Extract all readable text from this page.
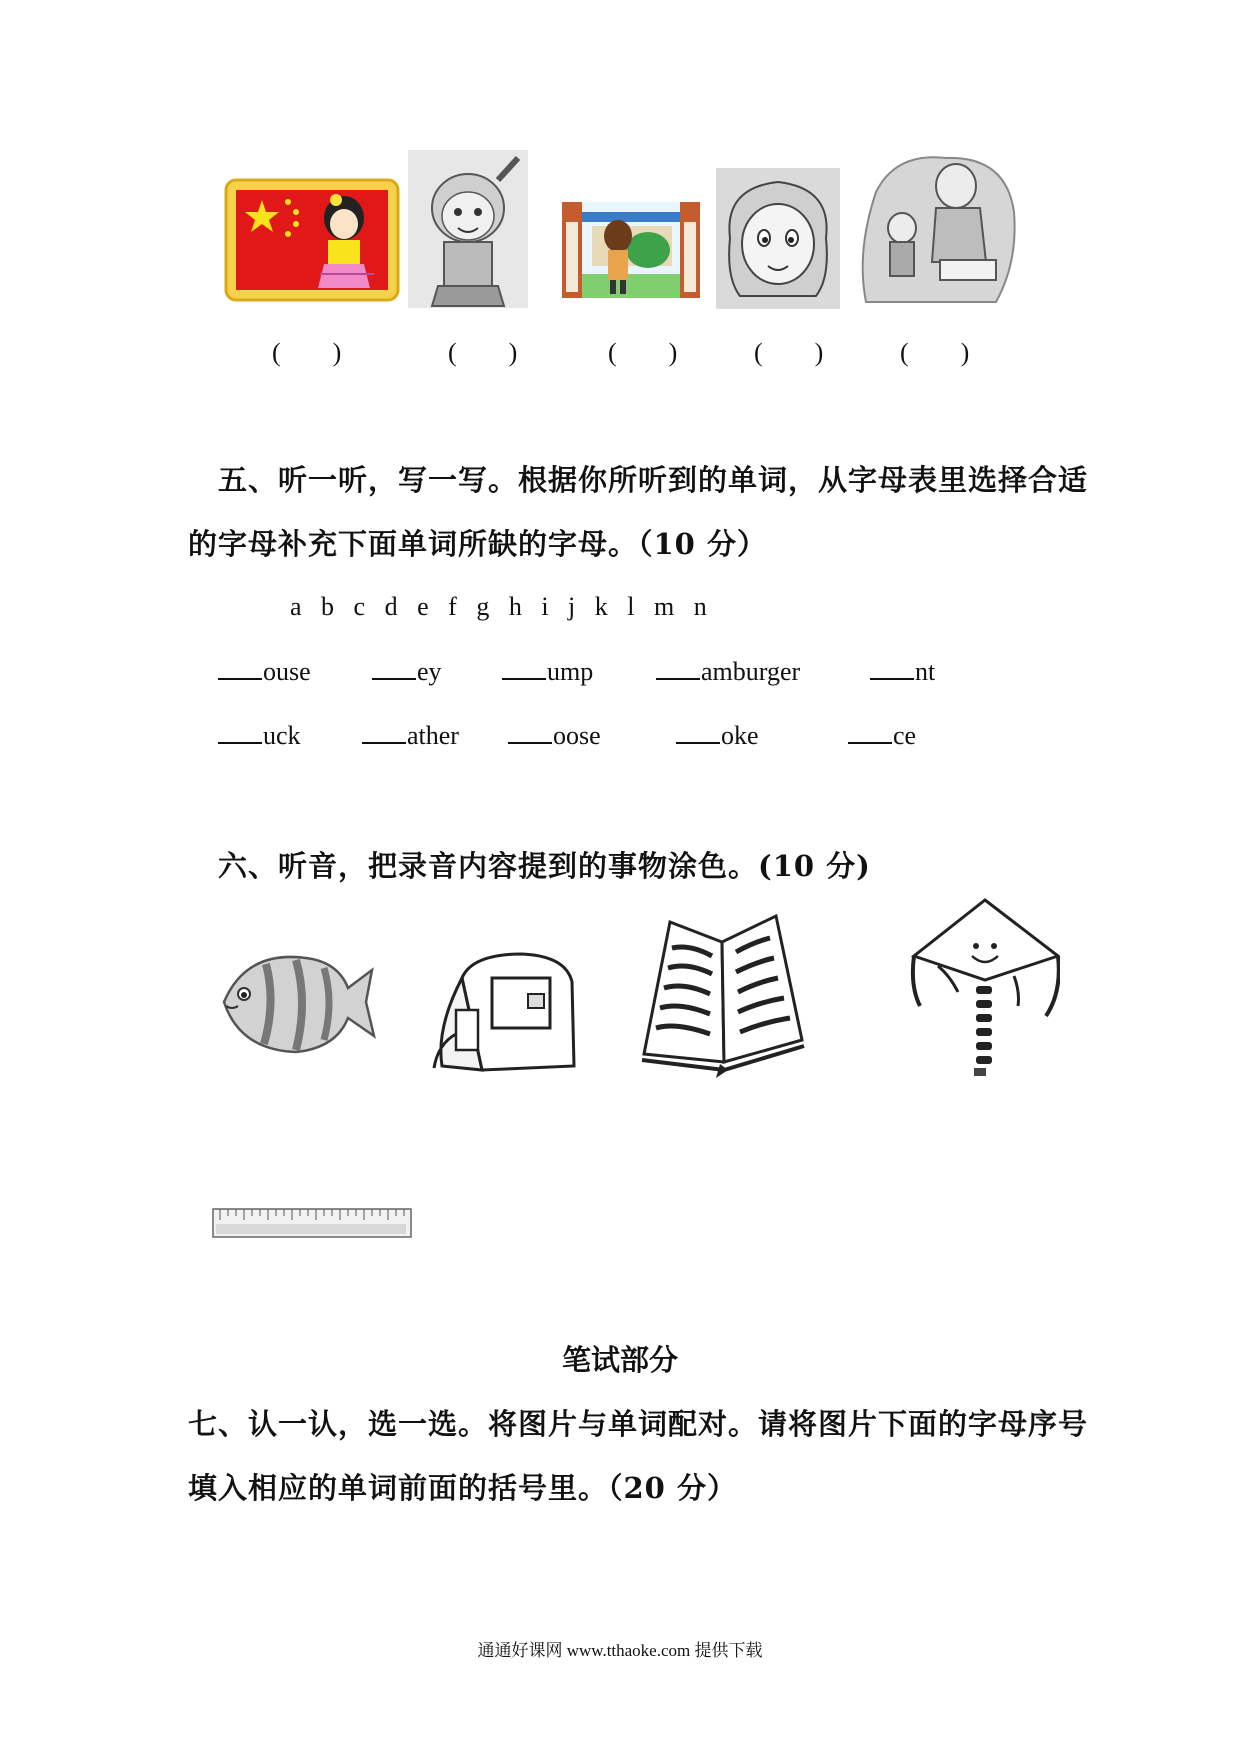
(　　)	(　　)	(　　)	(　　)	(　　)
五、听一听，写一写。根据你所听到的单词，从字母表里选择合适
的字母补充下面单词所缺的字母。（10 分）
a b c d e f g h i j k l m n
ouse	ey	ump	amburger	nt
uck	ather	oose	oke	ce
六、听音，把录音内容提到的事物涂色。(10 分)
笔试部分
七、认一认，选一选。将图片与单词配对。请将图片下面的字母序号
填入相应的单词前面的括号里。（20 分）
通通好课网 www.tthaoke.com 提供下载
